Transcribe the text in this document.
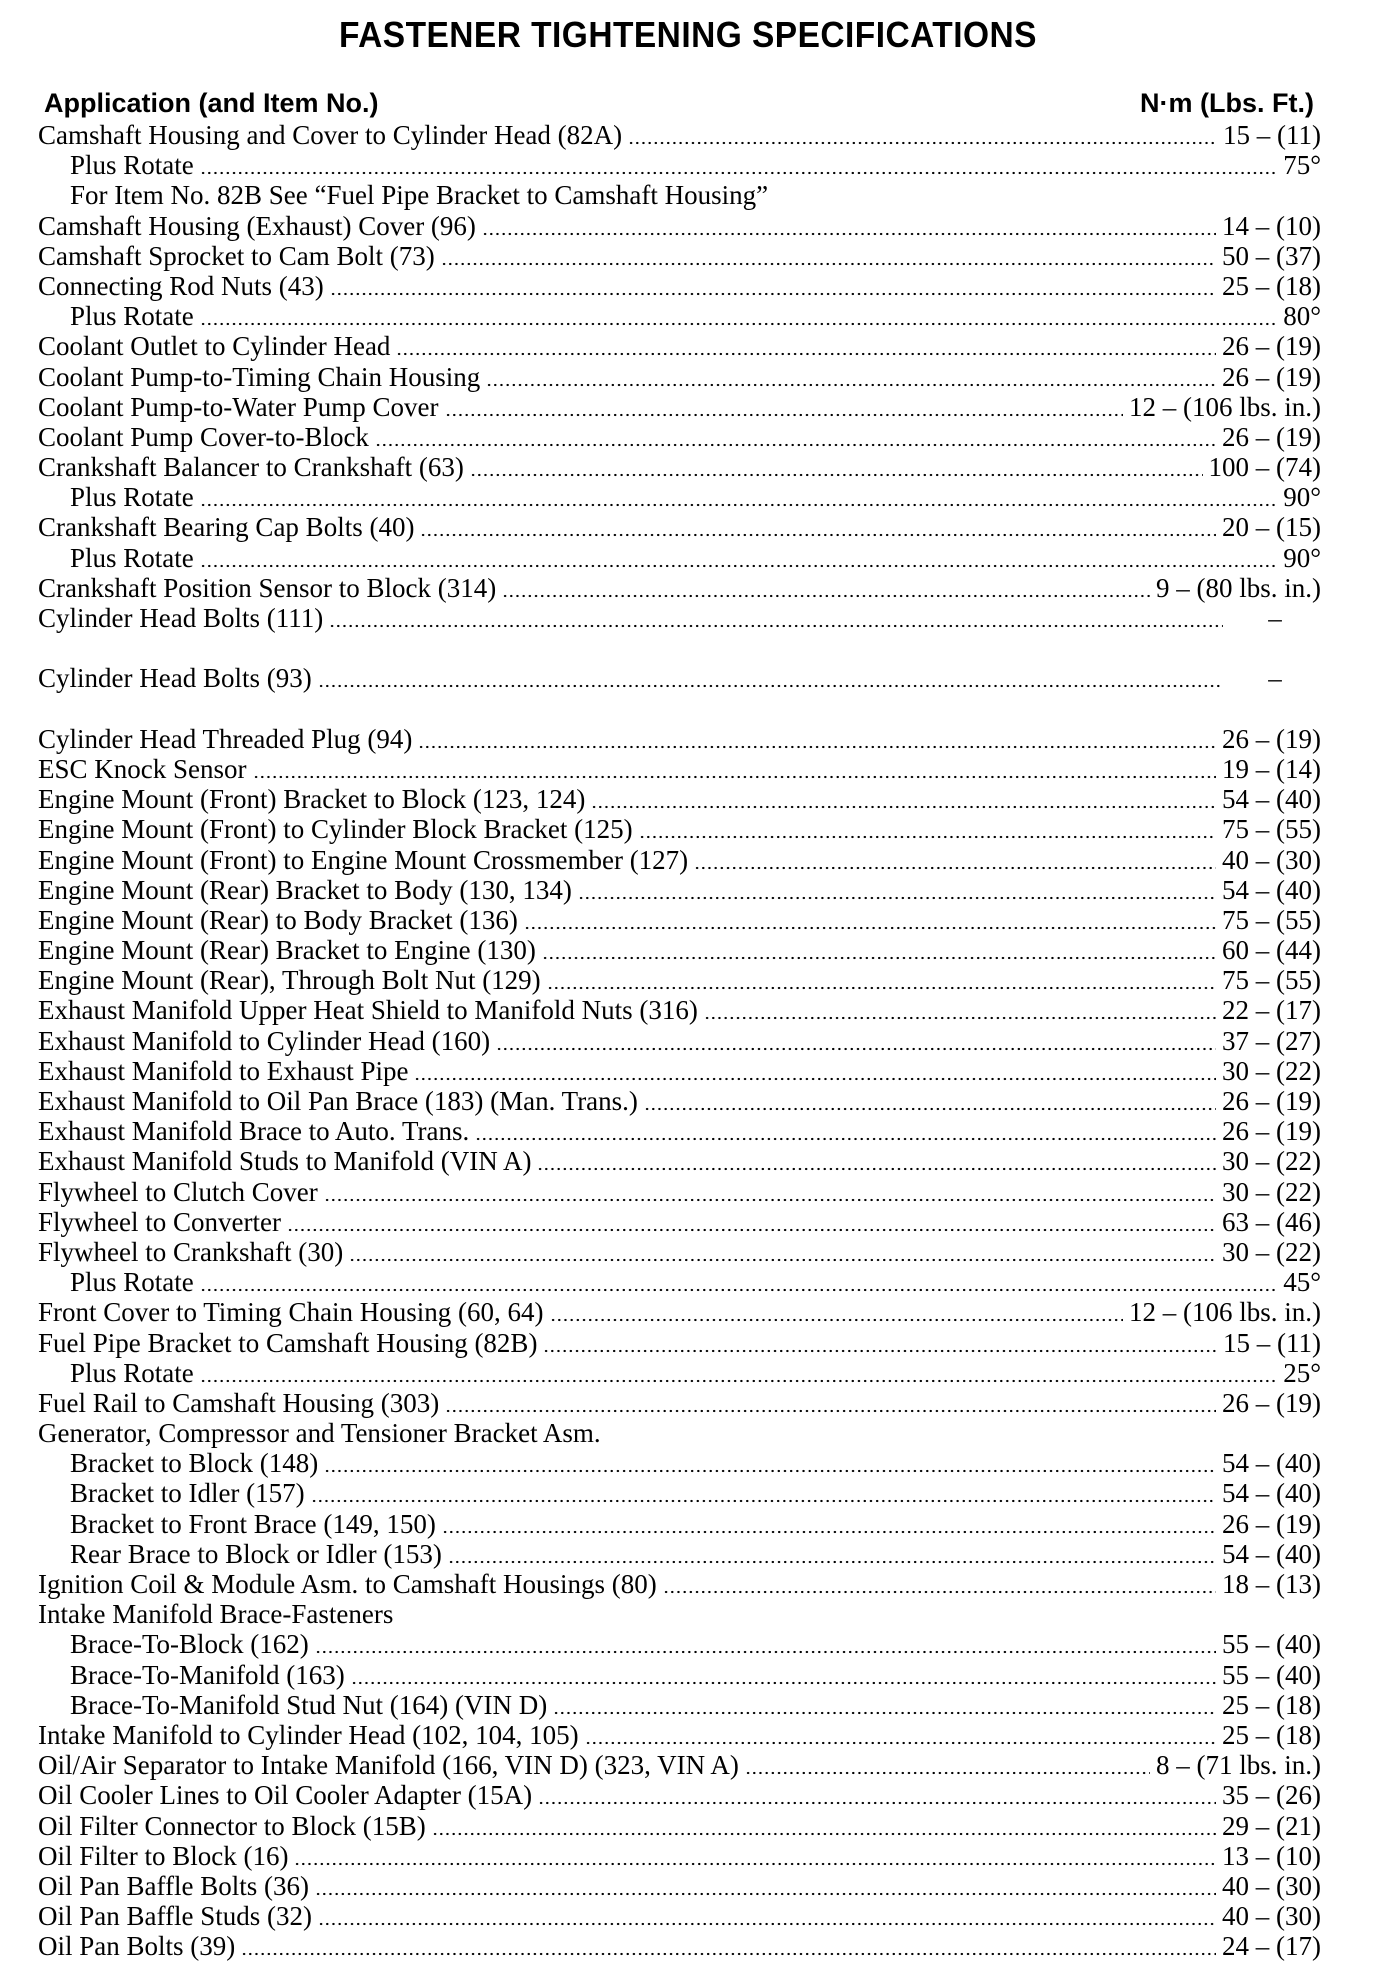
FASTENER TIGHTENING SPECIFICATIONS
Application (and Item No.)	N·m (Lbs. Ft.)
Camshaft Housing and Cover to Cylinder Head (82A)	15 – (11)
Plus Rotate	75°
For Item No. 82B See “Fuel Pipe Bracket to Camshaft Housing”
Camshaft Housing (Exhaust) Cover (96)	14 – (10)
Camshaft Sprocket to Cam Bolt (73)	50 – (37)
Connecting Rod Nuts (43)	25 – (18)
Plus Rotate	80°
Coolant Outlet to Cylinder Head	26 – (19)
Coolant Pump-to-Timing Chain Housing	26 – (19)
Coolant Pump-to-Water Pump Cover	12 – (106 lbs. in.)
Coolant Pump Cover-to-Block	26 – (19)
Crankshaft Balancer to Crankshaft (63)	100 – (74)
Plus Rotate	90°
Crankshaft Bearing Cap Bolts (40)	20 – (15)
Plus Rotate	90°
Crankshaft Position Sensor to Block (314)	9 – (80 lbs. in.)
Cylinder Head Bolts (111)	–
Cylinder Head Bolts (93)	–
Cylinder Head Threaded Plug (94)	26 – (19)
ESC Knock Sensor	19 – (14)
Engine Mount (Front) Bracket to Block (123, 124)	54 – (40)
Engine Mount (Front) to Cylinder Block Bracket (125)	75 – (55)
Engine Mount (Front) to Engine Mount Crossmember (127)	40 – (30)
Engine Mount (Rear) Bracket to Body (130, 134)	54 – (40)
Engine Mount (Rear) to Body Bracket (136)	75 – (55)
Engine Mount (Rear) Bracket to Engine (130)	60 – (44)
Engine Mount (Rear), Through Bolt Nut (129)	75 – (55)
Exhaust Manifold Upper Heat Shield to Manifold Nuts (316)	22 – (17)
Exhaust Manifold to Cylinder Head (160)	37 – (27)
Exhaust Manifold to Exhaust Pipe	30 – (22)
Exhaust Manifold to Oil Pan Brace (183) (Man. Trans.)	26 – (19)
Exhaust Manifold Brace to Auto. Trans.	26 – (19)
Exhaust Manifold Studs to Manifold (VIN A)	30 – (22)
Flywheel to Clutch Cover	30 – (22)
Flywheel to Converter	63 – (46)
Flywheel to Crankshaft (30)	30 – (22)
Plus Rotate	45°
Front Cover to Timing Chain Housing (60, 64)	12 – (106 lbs. in.)
Fuel Pipe Bracket to Camshaft Housing (82B)	15 – (11)
Plus Rotate	25°
Fuel Rail to Camshaft Housing (303)	26 – (19)
Generator, Compressor and Tensioner Bracket Asm.
Bracket to Block (148)	54 – (40)
Bracket to Idler (157)	54 – (40)
Bracket to Front Brace (149, 150)	26 – (19)
Rear Brace to Block or Idler (153)	54 – (40)
Ignition Coil & Module Asm. to Camshaft Housings (80)	18 – (13)
Intake Manifold Brace-Fasteners
Brace-To-Block (162)	55 – (40)
Brace-To-Manifold (163)	55 – (40)
Brace-To-Manifold Stud Nut (164) (VIN D)	25 – (18)
Intake Manifold to Cylinder Head (102, 104, 105)	25 – (18)
Oil/Air Separator to Intake Manifold (166, VIN D) (323, VIN A)	8 – (71 lbs. in.)
Oil Cooler Lines to Oil Cooler Adapter (15A)	35 – (26)
Oil Filter Connector to Block (15B)	29 – (21)
Oil Filter to Block (16)	13 – (10)
Oil Pan Baffle Bolts (36)	40 – (30)
Oil Pan Baffle Studs (32)	40 – (30)
Oil Pan Bolts (39)	24 – (17)
